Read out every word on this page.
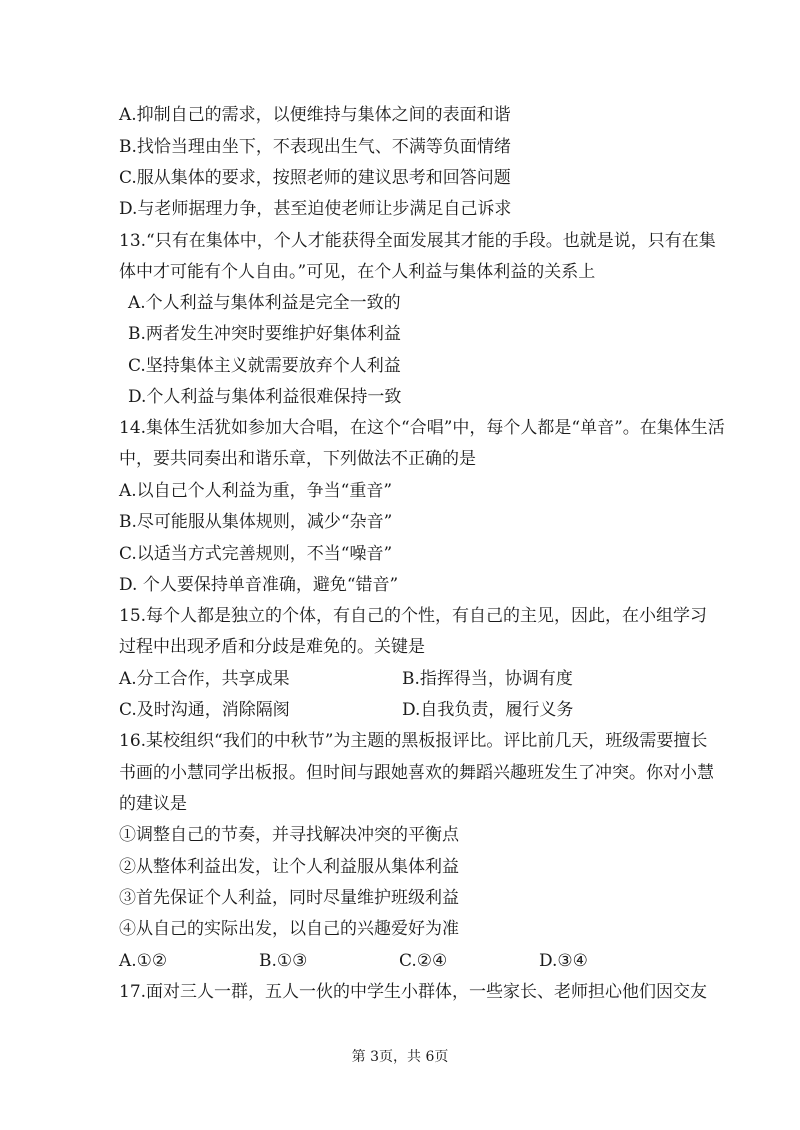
A.抑制自己的需求，以便维持与集体之间的表面和谐

B.找恰当理由坐下，不表现出生气、不满等负面情绪

C.服从集体的要求，按照老师的建议思考和回答问题

D.与老师据理力争，甚至迫使老师让步满足自己诉求

13.“只有在集体中，个人才能获得全面发展其才能的手段。也就是说，只有在集

体中才可能有个人自由。”可见，在个人利益与集体利益的关系上

A.个人利益与集体利益是完全一致的

B.两者发生冲突时要维护好集体利益

C.坚持集体主义就需要放弃个人利益

D.个人利益与集体利益很难保持一致

14.集体生活犹如参加大合唱，在这个“合唱”中，每个人都是“单音”。在集体生活

中，要共同奏出和谐乐章，下列做法不正确的是

A.以自己个人利益为重，争当“重音”

B.尽可能服从集体规则，减少“杂音”

C.以适当方式完善规则，不当“噪音”

D. 个人要保持单音准确，避免“错音”

15.每个人都是独立的个体，有自己的个性，有自己的主见，因此，在小组学习

过程中出现矛盾和分歧是难免的。关键是

A.分工合作，共享成果	B.指挥得当，协调有度

C.及时沟通，消除隔阂	D.自我负责，履行义务

16.某校组织“我们的中秋节”为主题的黑板报评比。评比前几天，班级需要擅长

书画的小慧同学出板报。但时间与跟她喜欢的舞蹈兴趣班发生了冲突。你对小慧

的建议是

①调整自己的节奏，并寻找解决冲突的平衡点

②从整体利益出发，让个人利益服从集体利益

③首先保证个人利益，同时尽量维护班级利益

④从自己的实际出发，以自己的兴趣爱好为准

A.①②	B.①③	C.②④	D.③④

17.面对三人一群，五人一伙的中学生小群体，一些家长、老师担心他们因交友

第 3页，共 6页
